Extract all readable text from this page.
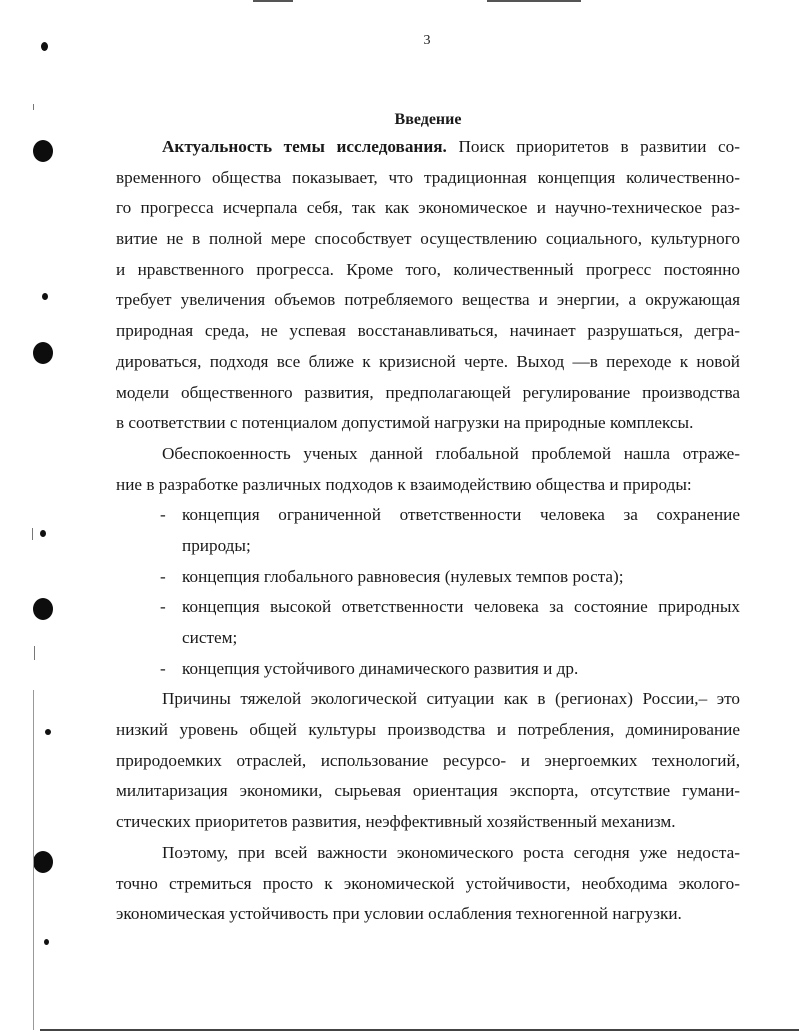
3
Введение
Актуальность темы исследования. Поиск приоритетов в развитии со-
временного общества показывает, что традиционная концепция количественно-
го прогресса исчерпала себя, так как экономическое и научно-техническое раз-
витие не в полной мере способствует осуществлению социального, культурного
и нравственного прогресса. Кроме того, количественный прогресс постоянно
требует увеличения объемов потребляемого вещества и энергии, а окружающая
природная среда, не успевая восстанавливаться, начинает разрушаться, дегра-
дироваться, подходя все ближе к кризисной черте. Выход —в переходе к новой
модели общественного развития, предполагающей регулирование производства
в соответствии с потенциалом допустимой нагрузки на природные комплексы.
Обеспокоенность ученых данной глобальной проблемой нашла отраже-
ние в разработке различных подходов к взаимодействию общества и природы:
- концепция ограниченной ответственности человека за сохранение
природы;
- концепция глобального равновесия (нулевых темпов роста);
- концепция высокой ответственности человека за состояние природных
систем;
- концепция устойчивого динамического развития и др.
Причины тяжелой экологической ситуации как в (регионах) России,– это
низкий уровень общей культуры производства и потребления, доминирование
природоемких отраслей, использование ресурсо- и энергоемких технологий,
милитаризация экономики, сырьевая ориентация экспорта, отсутствие гумани-
стических приоритетов развития, неэффективный хозяйственный механизм.
Поэтому, при всей важности экономического роста сегодня уже недоста-
точно стремиться просто к экономической устойчивости, необходима эколого-
экономическая устойчивость при условии ослабления техногенной нагрузки.
